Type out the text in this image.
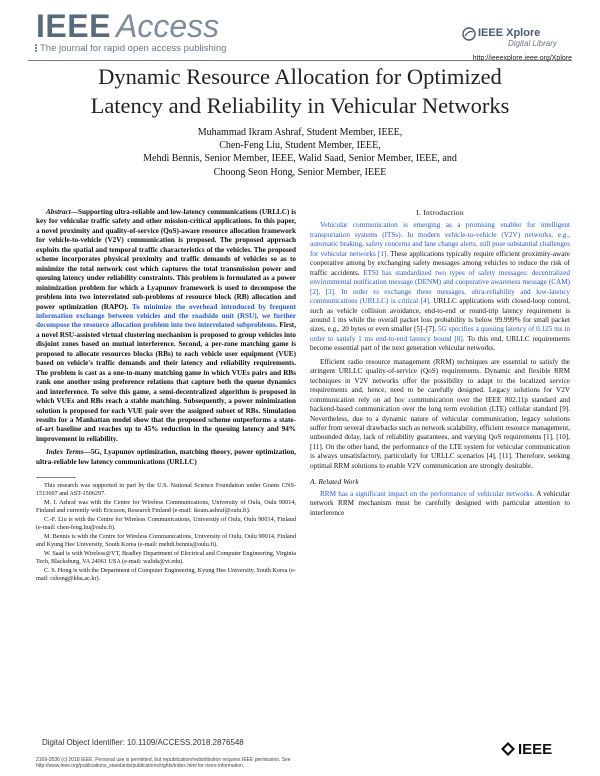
IEEE Access
The journal for rapid open access publishing
IEEE Xplore
Digital Library
http://ieeexplore.ieee.org/Xplore
Dynamic Resource Allocation for Optimized
Latency and Reliability in Vehicular Networks
Muhammad Ikram Ashraf, Student Member, IEEE,
Chen-Feng Liu, Student Member, IEEE,
Mehdi Bennis, Senior Member, IEEE, Walid Saad, Senior Member, IEEE, and
Choong Seon Hong, Senior Member, IEEE

Abstract—Supporting ultra-reliable and low-latency communications (URLLC) is key for vehicular traffic safety and other mission-critical applications. In this paper, a novel proximity and quality-of-service (QoS)-aware resource allocation framework for vehicle-to-vehicle (V2V) communication is proposed. The proposed approach exploits the spatial and temporal traffic characteristics of the vehicles. The proposed scheme incorporates physical proximity and traffic demands of vehicles so as to minimize the total network cost which captures the total transmission power and queuing latency under reliability constraints. This problem is formulated as a power minimization problem for which a Lyapunov framework is used to decompose the problem into two interrelated sub-problems of resource block (RB) allocation and power optimization (RAPO). To minimize the overhead introduced by frequent information exchange between vehicles and the roadside unit (RSU), we further decompose the resource allocation problem into two interrelated subproblems. First, a novel RSU-assisted virtual clustering mechanism is proposed to group vehicles into disjoint zones based on mutual interference. Second, a per-zone matching game is proposed to allocate resources blocks (RBs) to each vehicle user equipment (VUE) based on vehicle's traffic demands and their latency and reliability requirements. The problem is cast as a one-to-many matching game in which VUEs pairs and RBs rank one another using preference relations that capture both the queue dynamics and interference. To solve this game, a semi-decentralized algorithm is proposed in which VUEs and RBs reach a stable matching. Subsequently, a power minimization solution is proposed for each VUE pair over the assigned subset of RBs. Simulation results for a Manhattan model show that the proposed scheme outperforms a state-of-art baseline and reaches up to 45% reduction in the queuing latency and 94% improvement in reliability.

Index Terms—5G, Lyapunov optimization, matching theory, power optimization, ultra-reliable low latency communications (URLLC)

This research was supported in part by the U.S. National Science Foundation under Grants CNS-1513697 and AST-1506297.

M. I. Ashraf was with the Centre for Wireless Communications, University of Oulu, Oulu 90014, Finland and currently with Ericsson, Research Finland (e-mail: ikram.ashraf@oulu.fi).

C.-F. Liu is with the Centre for Wireless Communications, University of Oulu, Oulu 90014, Finland (e-mail: chen-feng.liu@oulu.fi).

M. Bennis is with the Centre for Wireless Communications, University of Oulu, Oulu 90014, Finland and Kyung Hee University, South Korea (e-mail: mehdi.bennis@oulu.fi).

W. Saad is with Wireless@VT, Bradley Department of Electrical and Computer Engineering, Virginia Tech, Blacksburg, VA 24061 USA (e-mail: walids@vt.edu).

C. S. Hong is with the Department of Computer Engineering, Kyung Hee University, South Korea (e-mail: cshong@khu.ac.kr).

I. Introduction

Vehicular communication is emerging as a promising enabler for intelligent transportation systems (ITSs). In modern vehicle-to-vehicle (V2V) networks, e.g., automatic braking, safety concerns and lane change alerts, still pose substantial challenges for vehicular networks [1]. These applications typically require efficient proximity-aware cooperative among by exchanging safety messages among vehicles to reduce the risk of traffic accidents. ETSI has standardized two types of safety messages: decentralized environmental notification message (DENM) and cooperative awareness message (CAM) [2], [3]. In order to exchange these messages, ultra-reliability and low-latency communications (URLLC) is critical [4]. URLLC applications with closed-loop control, such as vehicle collision avoidance, end-to-end or round-trip latency requirement is around 1 ms while the overall packet loss probability is below 99.999% for small packet sizes, e.g., 20 bytes or even smaller [5]–[7]. 5G specifies a queuing latency of 0.125 ms in order to satisfy 1 ms end-to-end latency bound [8]. To this end, URLLC requirements become essential part of the next generation vehicular networks.

Efficient radio resource management (RRM) techniques are essential to satisfy the stringent URLLC quality-of-service (QoS) requirements. Dynamic and flexible RRM techniques in V2V networks offer the possibility to adapt to the localized service requirements and, hence, need to be carefully designed. Legacy solutions for V2V communication rely on ad hoc communication over the IEEE 802.11p standard and backend-based communication over the long term evolution (LTE) cellular standard [9]. Nevertheless, due to a dynamic nature of vehicular communication, legacy solutions suffer from several drawbacks such as network scalability, efficient resource management, unbounded delay, lack of reliability guarantees, and varying QoS requirements [1], [10], [11]. On the other hand, the performance of the LTE system for vehicular communication is always unsatisfactory, particularly for URLLC scenarios [4], [11]. Therefore, seeking optimal RRM solutions to enable V2V communication are strongly desirable.

A. Related Work

RRM has a significant impact on the performance of vehicular networks. A vehicular network RRM mechanism must be carefully designed with particular attention to interference

Digital Object Identifier: 10.1109/ACCESS.2018.2876548
2169-3536 (c) 2018 IEEE. Personal use is permitted, but republication/redistribution requires IEEE permission. See http://www.ieee.org/publications_standards/publications/rights/index.html for more information.
IEEE
